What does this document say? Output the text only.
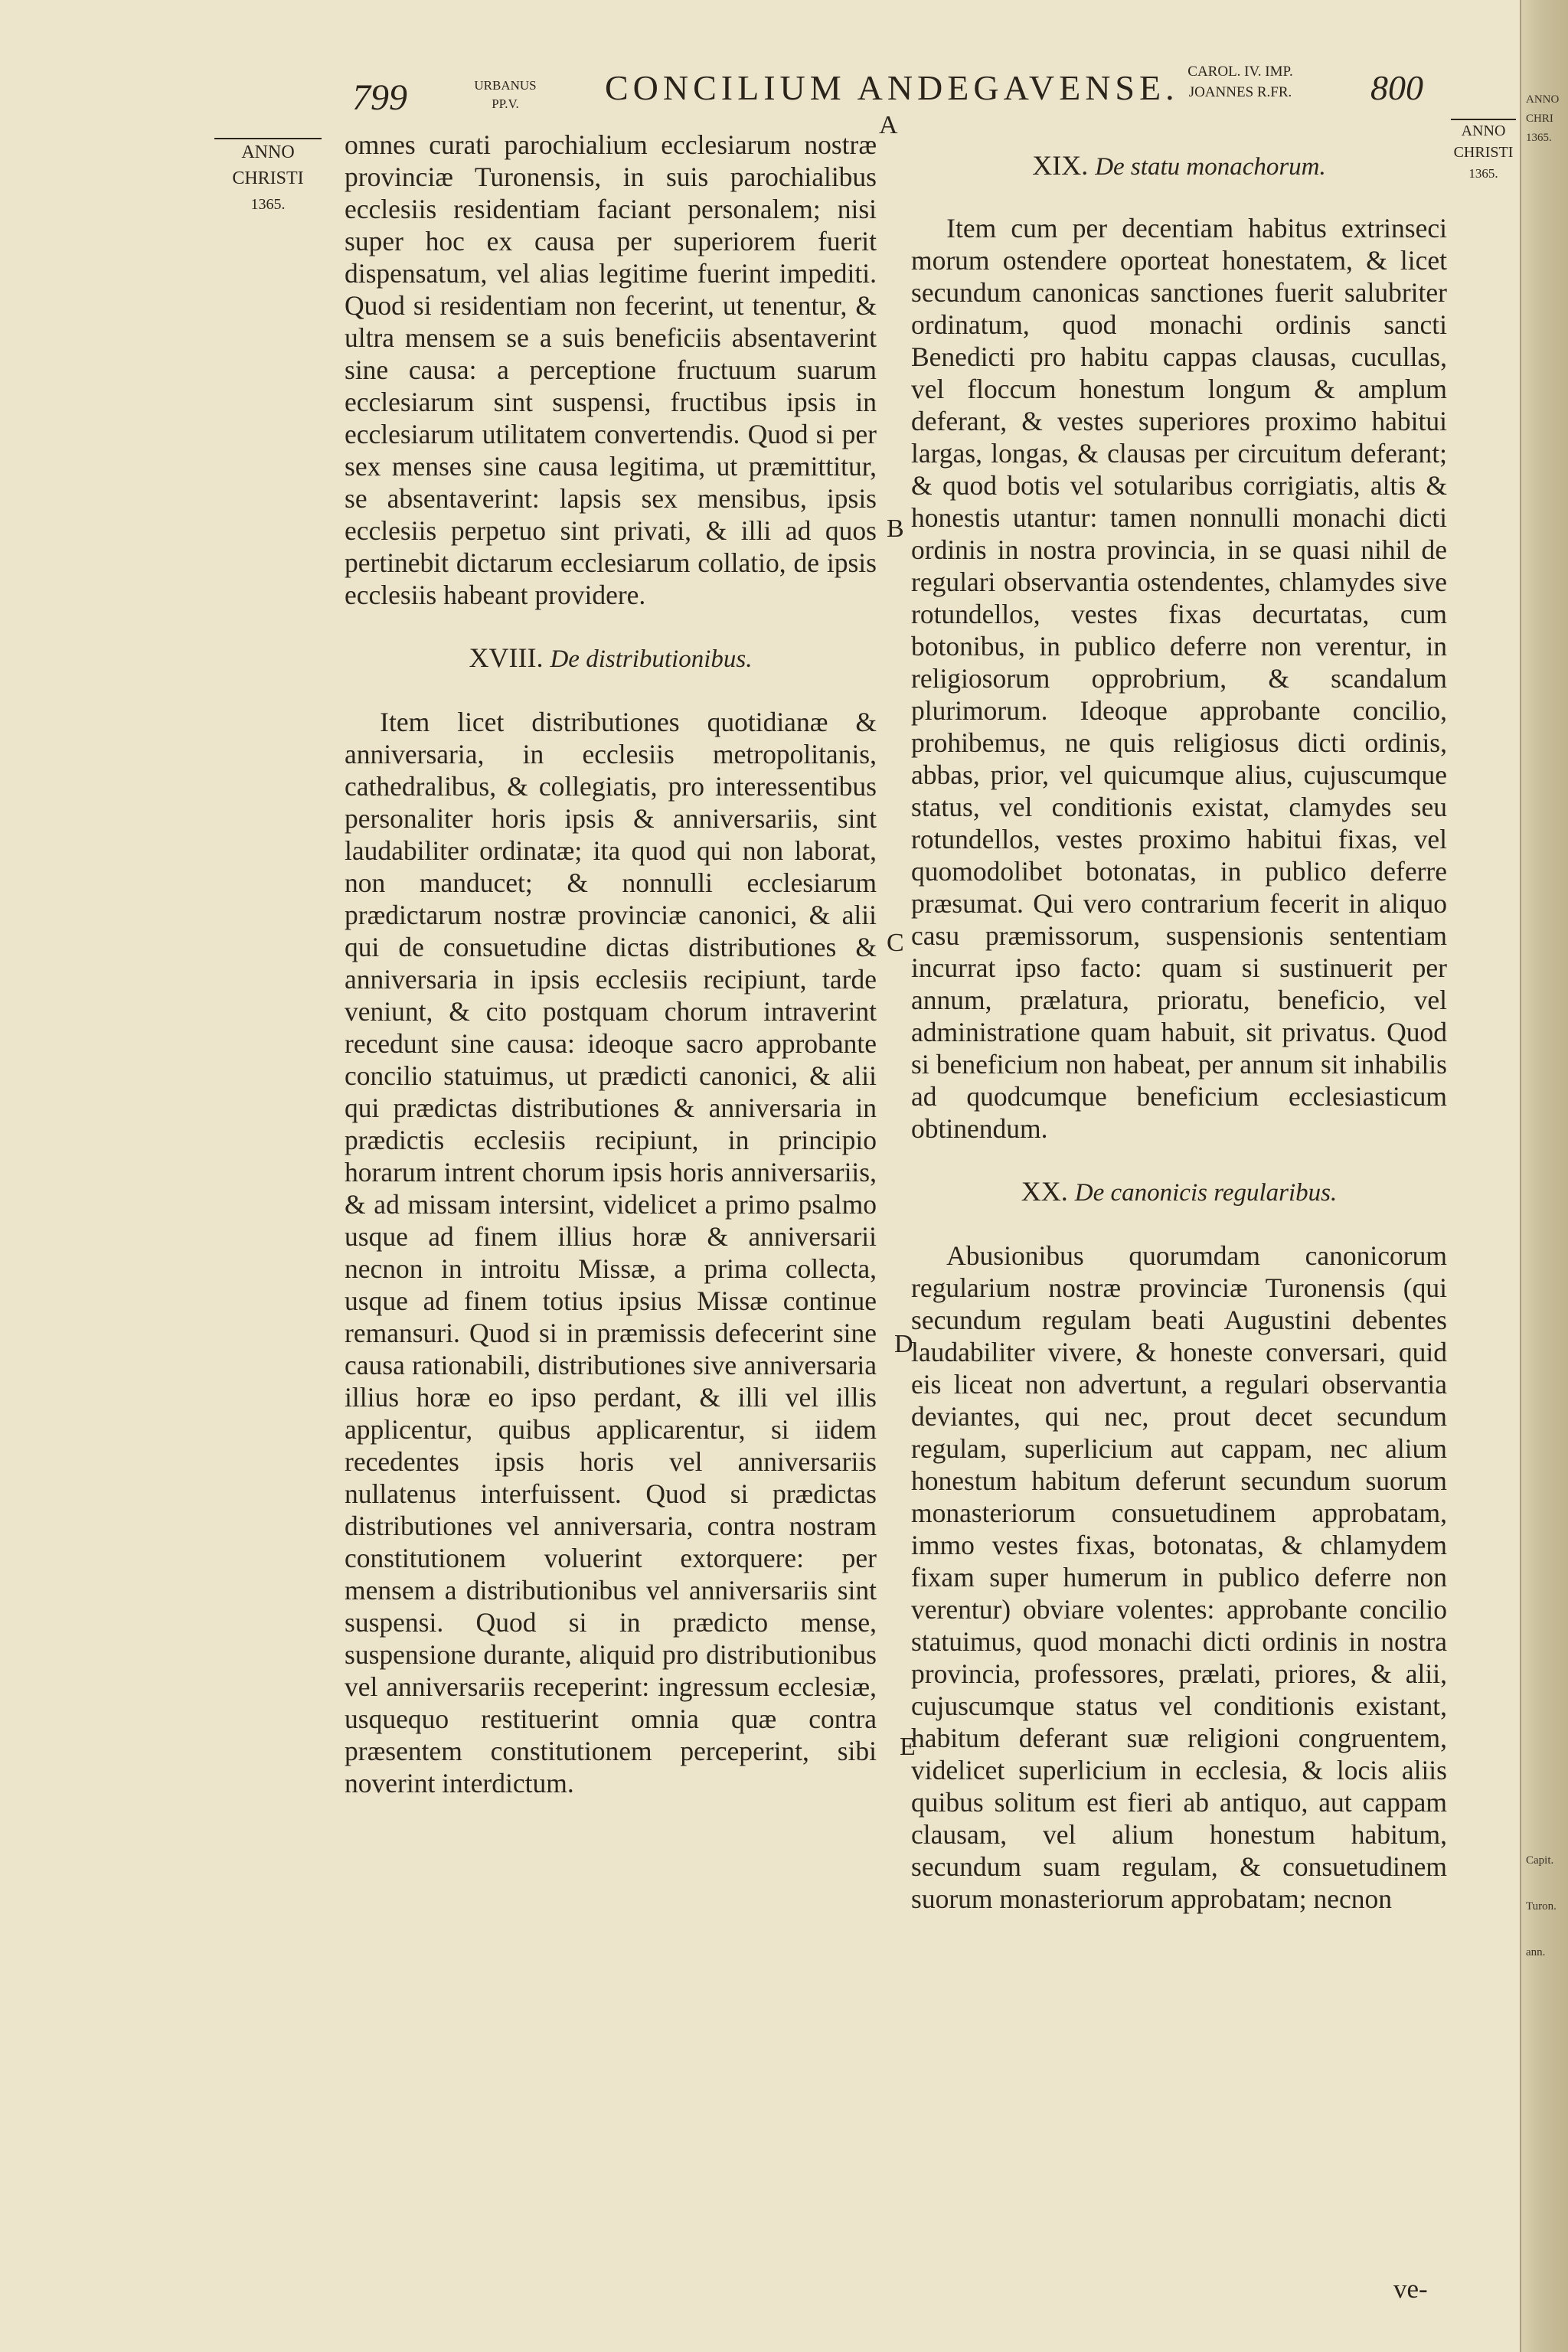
799	URBANUS
PP.V.	CONCILIUM ANDEGAVENSE. CAROL. IV. IMP.
JOANNES R.FR.	800
ANNO
CHRISTI
1365.
ANNO
CHRISTI
1365.
A
B
C
D
E

omnes curati parochialium ecclesiarum nostræ provinciæ Turonensis, in suis parochialibus ecclesiis residentiam faciant personalem; nisi super hoc ex causa per superiorem fuerit dispensatum, vel alias legitime fuerint impediti. Quod si residentiam non fecerint, ut tenentur, & ultra mensem se a suis beneficiis absentaverint sine causa: a perceptione fructuum suarum ecclesiarum sint suspensi, fructibus ipsis in ecclesiarum utilitatem convertendis. Quod si per sex menses sine causa legitima, ut præmittitur, se absentaverint: lapsis sex mensibus, ipsis ecclesiis perpetuo sint privati, & illi ad quos pertinebit dictarum ecclesiarum collatio, de ipsis ecclesiis habeant providere.

XVIII. De distributionibus.

Item licet distributiones quotidianæ & anniversaria, in ecclesiis metropolitanis, cathedralibus, & collegiatis, pro interessentibus personaliter horis ipsis & anniversariis, sint laudabiliter ordinatæ; ita quod qui non laborat, non manducet; & nonnulli ecclesiarum prædictarum nostræ provinciæ canonici, & alii qui de consuetudine dictas distributiones & anniversaria in ipsis ecclesiis recipiunt, tarde veniunt, & cito postquam chorum intraverint recedunt sine causa: ideoque sacro approbante concilio statuimus, ut prædicti canonici, & alii qui prædictas distributiones & anniversaria in prædictis ecclesiis recipiunt, in principio horarum intrent chorum ipsis horis anniversariis, & ad missam intersint, videlicet a primo psalmo usque ad finem illius horæ & anniversarii necnon in introitu Missæ, a prima collecta, usque ad finem totius ipsius Missæ continue remansuri. Quod si in præmissis defecerint sine causa rationabili, distributiones sive anniversaria illius horæ eo ipso perdant, & illi vel illis applicentur, quibus applicarentur, si iidem recedentes ipsis horis vel anniversariis nullatenus interfuissent. Quod si prædictas distributiones vel anniversaria, contra nostram constitutionem voluerint extorquere: per mensem a distributionibus vel anniversariis sint suspensi. Quod si in prædicto mense, suspensione durante, aliquid pro distributionibus vel anniversariis receperint: ingressum ecclesiæ, usquequo restituerint omnia quæ contra præsentem constitutionem perceperint, sibi noverint interdictum.

XIX. De statu monachorum.

Item cum per decentiam habitus extrinseci morum ostendere oporteat honestatem, & licet secundum canonicas sanctiones fuerit salubriter ordinatum, quod monachi ordinis sancti Benedicti pro habitu cappas clausas, cucullas, vel floccum honestum longum & amplum deferant, & vestes superiores proximo habitui largas, longas, & clausas per circuitum deferant; & quod botis vel sotularibus corrigiatis, altis & honestis utantur: tamen nonnulli monachi dicti ordinis in nostra provincia, in se quasi nihil de regulari observantia ostendentes, chlamydes sive rotundellos, vestes fixas decurtatas, cum botonibus, in publico deferre non verentur, in religiosorum opprobrium, & scandalum plurimorum. Ideoque approbante concilio, prohibemus, ne quis religiosus dicti ordinis, abbas, prior, vel quicumque alius, cujuscumque status, vel conditionis existat, clamydes seu rotundellos, vestes proximo habitui fixas, vel quomodolibet botonatas, in publico deferre præsumat. Qui vero contrarium fecerit in aliquo casu præmissorum, suspensionis sententiam incurrat ipso facto: quam si sustinuerit per annum, prælatura, prioratu, beneficio, vel administratione quam habuit, sit privatus. Quod si beneficium non habeat, per annum sit inhabilis ad quodcumque beneficium ecclesiasticum obtinendum.

XX. De canonicis regularibus.

Abusionibus quorumdam canonicorum regularium nostræ provinciæ Turonensis (qui secundum regulam beati Augustini debentes laudabiliter vivere, & honeste conversari, quid eis liceat non advertunt, a regulari observantia deviantes, qui nec, prout decet secundum regulam, superlicium aut cappam, nec alium honestum habitum deferunt secundum suorum monasteriorum consuetudinem approbatam, immo vestes fixas, botonatas, & chlamydem fixam super humerum in publico deferre non verentur) obviare volentes: approbante concilio statuimus, quod monachi dicti ordinis in nostra provincia, professores, prælati, priores, & alii, cujuscumque status vel conditionis existant, habitum deferant suæ religioni congruentem, videlicet superlicium in ecclesia, & locis aliis quibus solitum est fieri ab antiquo, aut cappam clausam, vel alium honestum habitum, secundum suam regulam, & consuetudinem suorum monasteriorum approbatam; necnon

ve-
ANNO
CHRI
1365.
Capit.
Turon.
ann.
